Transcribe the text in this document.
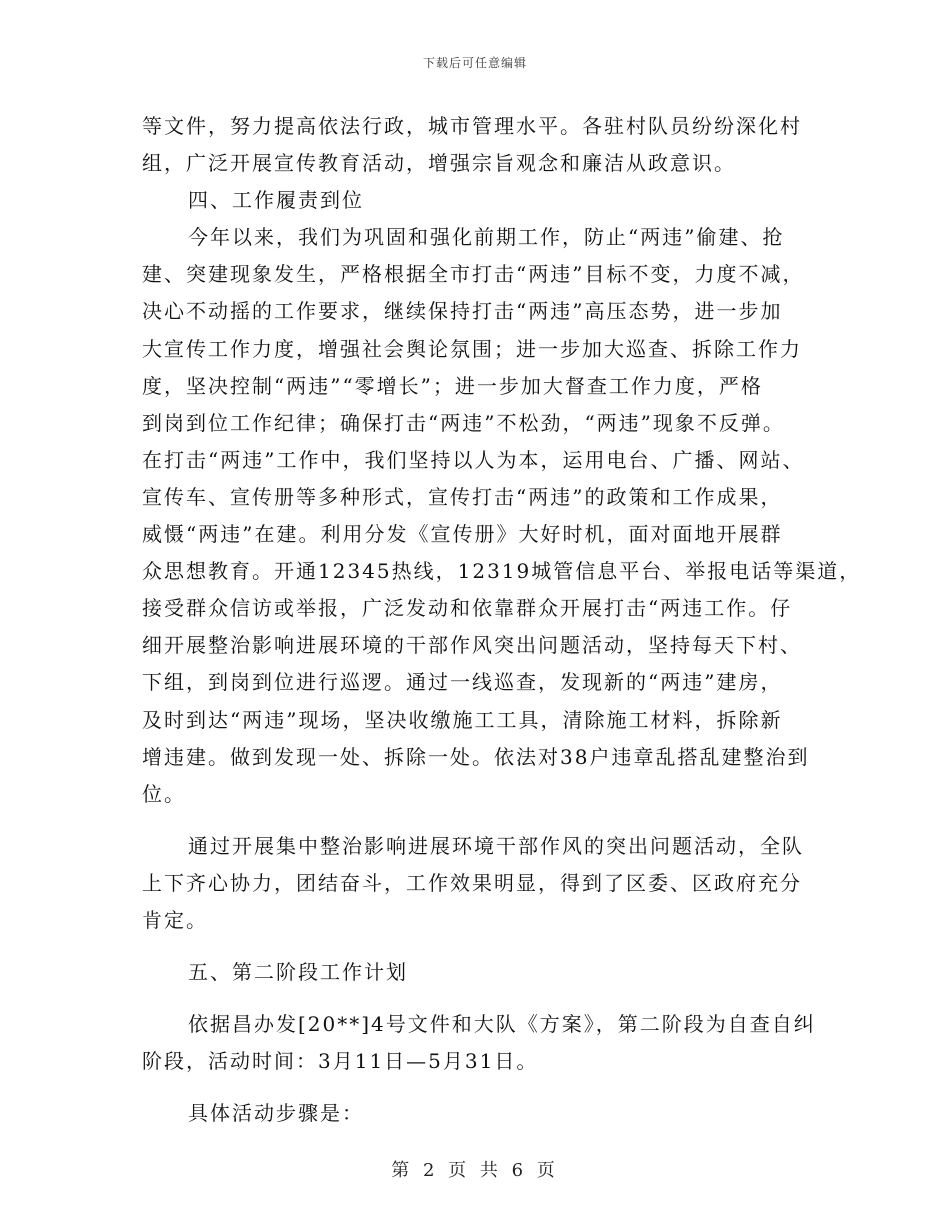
下载后可任意编辑
等文件，努力提高依法行政，城市管理水平。各驻村队员纷纷深化村
组，广泛开展宣传教育活动，增强宗旨观念和廉洁从政意识。
四、工作履责到位
今年以来，我们为巩固和强化前期工作，防止“两违”偷建、抢
建、突建现象发生，严格根据全市打击“两违”目标不变，力度不减，
决心不动摇的工作要求，继续保持打击“两违”高压态势，进一步加
大宣传工作力度，增强社会舆论氛围；进一步加大巡查、拆除工作力
度，坚决控制“两违”“零增长”；进一步加大督查工作力度，严格
到岗到位工作纪律；确保打击“两违”不松劲，“两违”现象不反弹。
在打击“两违”工作中，我们坚持以人为本，运用电台、广播、网站、
宣传车、宣传册等多种形式，宣传打击“两违”的政策和工作成果，
威慑“两违”在建。利用分发《宣传册》大好时机，面对面地开展群
众思想教育。开通12345热线，12319城管信息平台、举报电话等渠道，
接受群众信访或举报，广泛发动和依靠群众开展打击“两违工作。仔
细开展整治影响进展环境的干部作风突出问题活动，坚持每天下村、
下组，到岗到位进行巡逻。通过一线巡查，发现新的“两违”建房，
及时到达“两违”现场，坚决收缴施工工具，清除施工材料，拆除新
增违建。做到发现一处、拆除一处。依法对38户违章乱搭乱建整治到
位。
通过开展集中整治影响进展环境干部作风的突出问题活动，全队
上下齐心协力，团结奋斗，工作效果明显，得到了区委、区政府充分
肯定。
五、第二阶段工作计划
依据昌办发[20**]4号文件和大队《方案》，第二阶段为自查自纠
阶段，活动时间：3月11日—5月31日。
具体活动步骤是：
第 2 页 共 6 页
